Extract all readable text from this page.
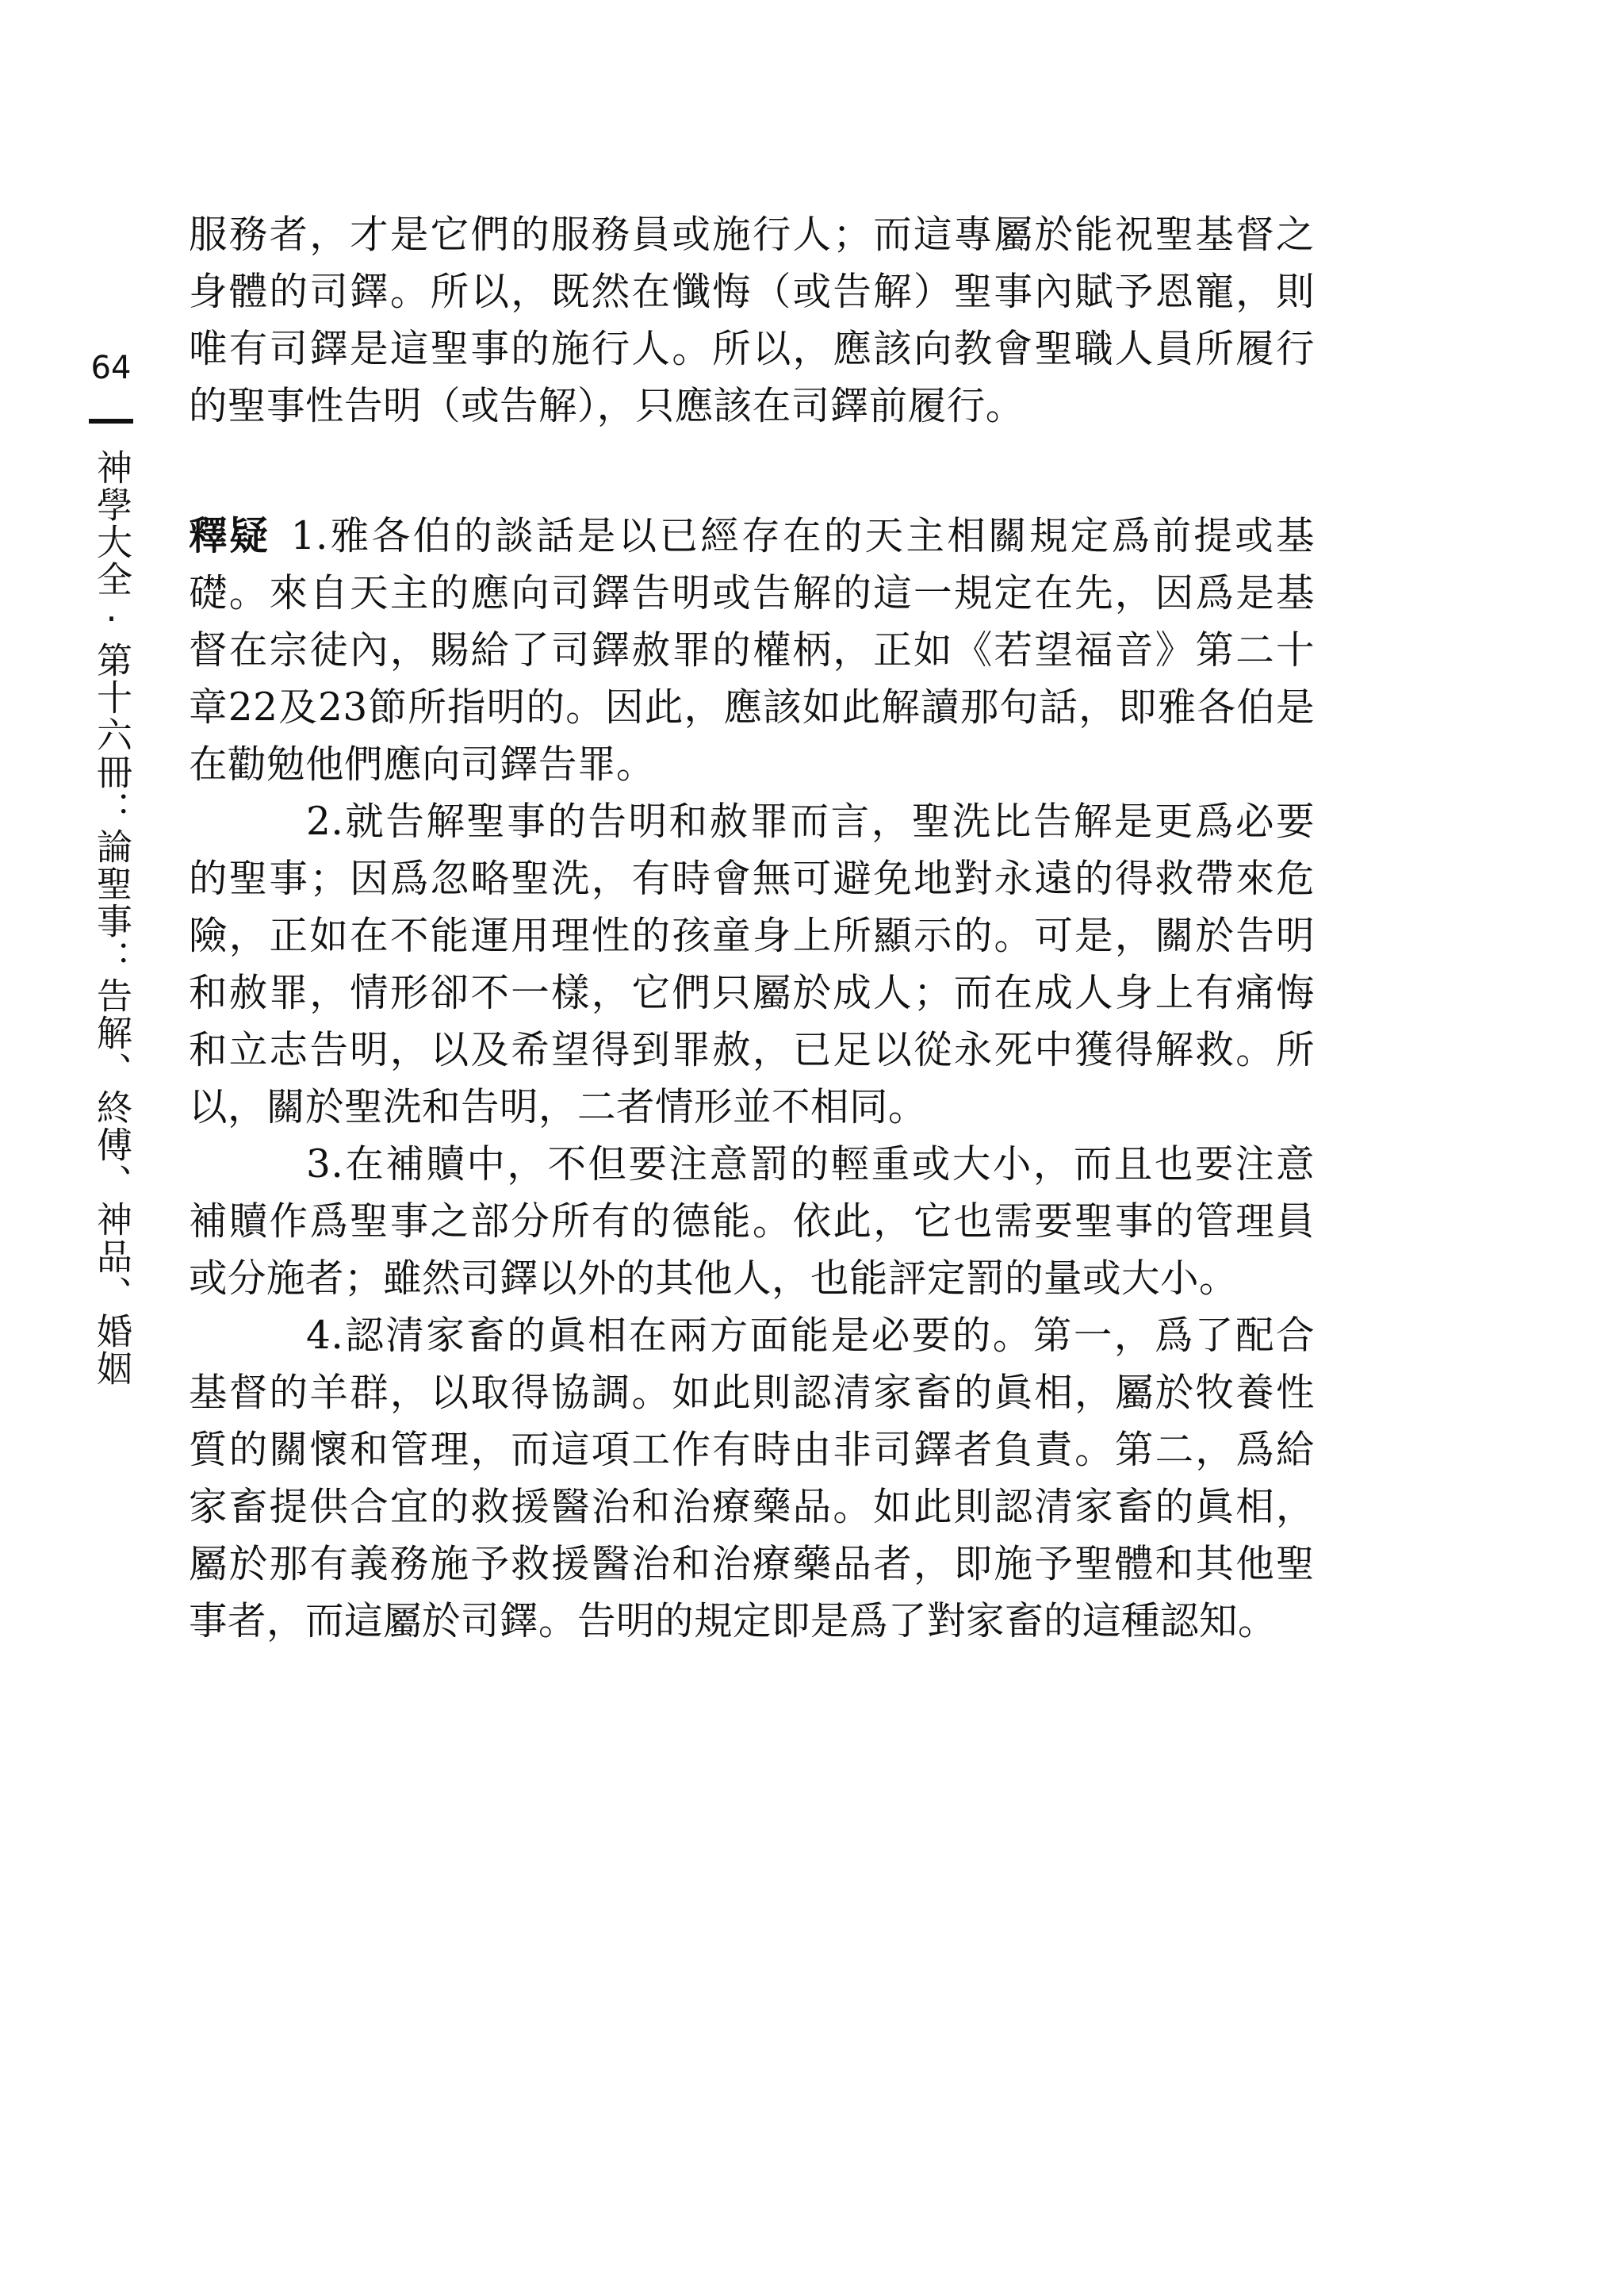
64
神學大全·第十六冊：論聖事：告解、終傅、神品、婚姻

服務者，才是它們的服務員或施行人；而這專屬於能祝聖基督之身體的司鐸。所以，既然在懺悔（或告解）聖事內賦予恩寵，則唯有司鐸是這聖事的施行人。所以，應該向教會聖職人員所履行的聖事性告明（或告解），只應該在司鐸前履行。

釋疑 1.雅各伯的談話是以已經存在的天主相關規定爲前提或基礎。來自天主的應向司鐸告明或告解的這一規定在先，因爲是基督在宗徒內，賜給了司鐸赦罪的權柄，正如《若望福音》第二十章22及23節所指明的。因此，應該如此解讀那句話，即雅各伯是在勸勉他們應向司鐸告罪。

2.就告解聖事的告明和赦罪而言，聖洗比告解是更爲必要的聖事；因爲忽略聖洗，有時會無可避免地對永遠的得救帶來危險，正如在不能運用理性的孩童身上所顯示的。可是，關於告明和赦罪，情形卻不一樣，它們只屬於成人；而在成人身上有痛悔和立志告明，以及希望得到罪赦，已足以從永死中獲得解救。所以，關於聖洗和告明，二者情形並不相同。

3.在補贖中，不但要注意罰的輕重或大小，而且也要注意補贖作爲聖事之部分所有的德能。依此，它也需要聖事的管理員或分施者；雖然司鐸以外的其他人，也能評定罰的量或大小。

4.認清家畜的眞相在兩方面能是必要的。第一，爲了配合基督的羊群，以取得協調。如此則認清家畜的眞相，屬於牧養性質的關懷和管理，而這項工作有時由非司鐸者負責。第二，爲給家畜提供合宜的救援醫治和治療藥品。如此則認清家畜的眞相，屬於那有義務施予救援醫治和治療藥品者，即施予聖體和其他聖事者，而這屬於司鐸。告明的規定即是爲了對家畜的這種認知。
